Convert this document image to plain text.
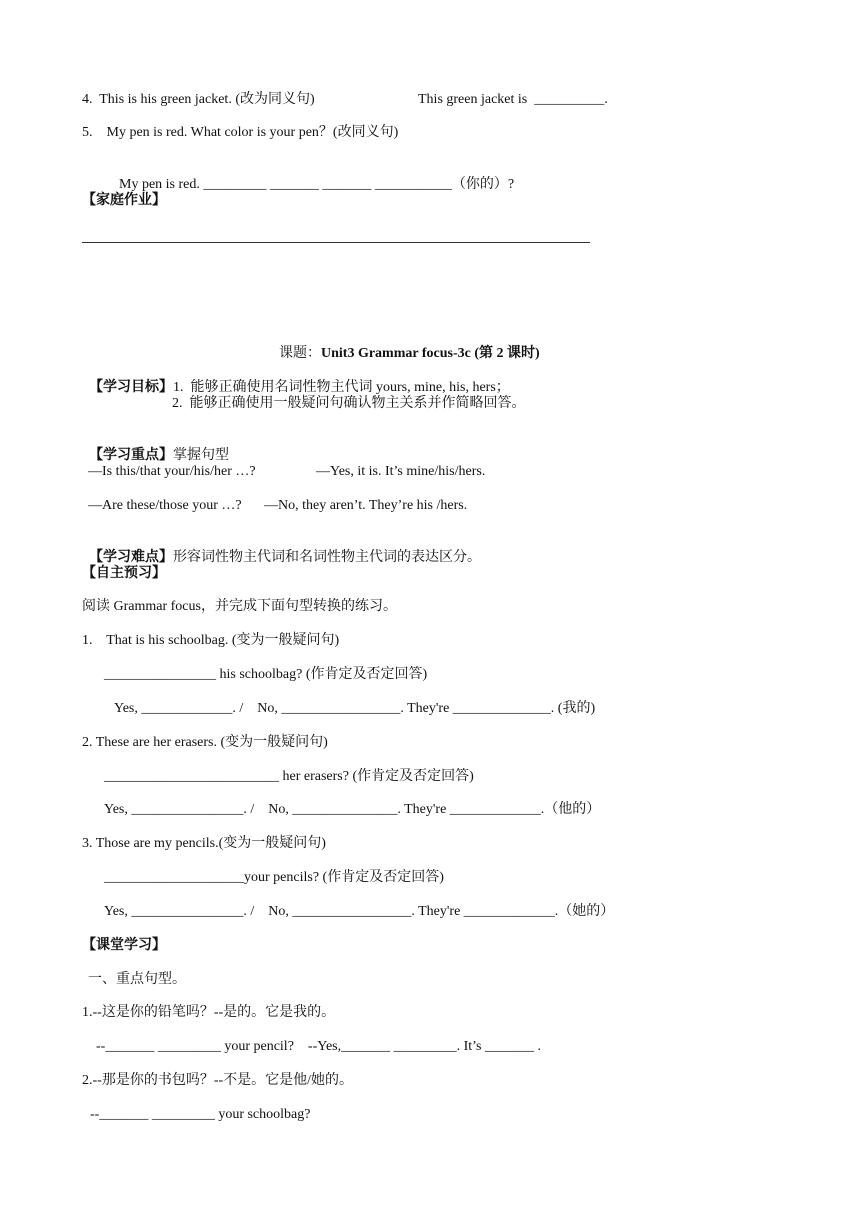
4.  This is his green jacket. (改为同义句)	This green jacket is  __________.
5.    My pen is red. What color is your pen？(改同义句)

My pen is red. _________ _______ _______ ___________（你的）?

【家庭作业】

课题：Unit3 Grammar focus-3c (第 2 课时)

【学习目标】1.  能够正确使用名词性物主代词 yours, mine, his, hers；

2.  能够正确使用一般疑问句确认物主关系并作简略回答。

【学习重点】掌握句型

—Is this/that your/his/her …?	—Yes, it is. It’s mine/his/hers.
—Are these/those your …? —No, they aren’t. They’re his /hers.

【学习难点】形容词性物主代词和名词性物主代词的表达区分。

【自主预习】
阅读 Grammar focus，并完成下面句型转换的练习。
1.    That is his schoolbag. (变为一般疑问句)
________________ his schoolbag? (作肯定及否定回答)
Yes, _____________. /    No, _________________. They're ______________. (我的)
2. These are her erasers. (变为一般疑问句)
_________________________ her erasers? (作肯定及否定回答)
Yes, ________________. /    No, _______________. They're _____________.（他的）
3. Those are my pencils.(变为一般疑问句)
____________________your pencils? (作肯定及否定回答)
Yes, ________________. /    No, _________________. They're _____________.（她的）
【课堂学习】
一、重点句型。
1.--这是你的铅笔吗？--是的。它是我的。
--_______ _________ your pencil?    --Yes,_______ _________. It’s _______ .
2.--那是你的书包吗？--不是。它是他/她的。
--_______ _________ your schoolbag?
